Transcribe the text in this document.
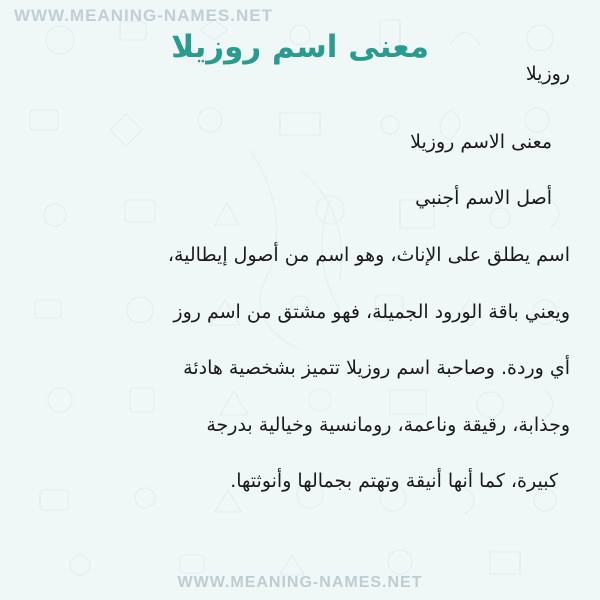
WWW.MEANING-NAMES.NET
معنى اسم روزيلا

روزيلا

معنى الاسم روزيلا

أصل الاسم أجنبي

اسم يطلق على الإناث، وهو اسم من أصول إيطالية،

ويعني باقة الورود الجميلة، فهو مشتق من اسم روز

أي وردة. وصاحبة اسم روزيلا تتميز بشخصية هادئة

وجذابة، رقيقة وناعمة، رومانسية وخيالية بدرجة

كبيرة، كما أنها أنيقة وتهتم بجمالها وأنوثتها.

WWW.MEANING-NAMES.NET
